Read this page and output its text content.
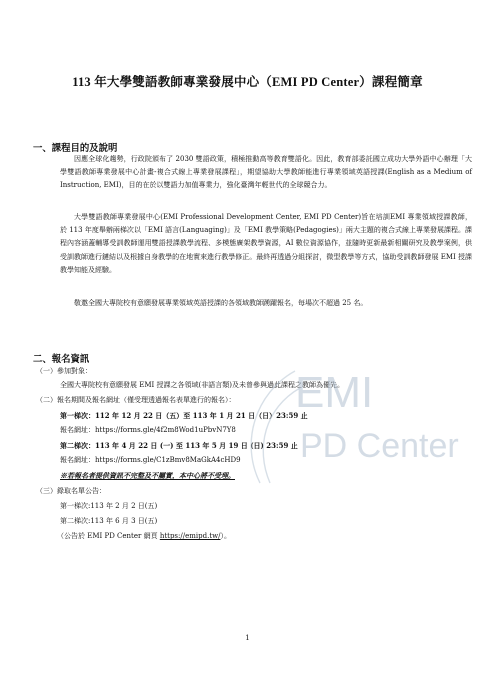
113 年大學雙語教師專業發展中心（EMI PD Center）課程簡章
一、課程目的及說明

因應全球化趨勢，行政院頒布了 2030 雙語政策，積極推動高等教育雙語化。因此，教育部委託國立成功大學外語中心辦理「大學雙語教師專業發展中心計畫-複合式線上專業發展課程」，期望協助大學教師能進行專業領域英語授課(English as a Medium of Instruction, EMI)，目的在於以雙語力加值專業力，強化臺灣年輕世代的全球競合力。

大學雙語教師專業發展中心(EMI Professional Development Center, EMI PD Center)旨在培訓EMI 專業領域授課教師，於 113 年度舉辦兩梯次以「EMI 語言(Languaging)」及「EMI 教學策略(Pedagogies)」兩大主題的複合式線上專業發展課程。課程內容涵蓋輔導受訓教師運用雙語授課教學流程、多模態廣架教學資源，AI 數位資源協作，並隨時更新最新相關研究及教學案例，供受訓教師進行鏈結以及根據自身教學的在地實來進行教學修正。最終再透過分組探討，微型教學等方式，協助受訓教師發展 EMI 授課教學知能及經驗。

敬邀全國大專院校有意願發展專業領域英語授課的各領域教師踴躍報名，每場次不超過 25 名。

二、報名資訊
（一）參加對象：
全國大專院校有意願發展 EMI 授課之各領域(非語言類)及未曾參與過此課程之教師為優先。
（二）報名期間及報名網址（僅受理透過報名表單進行的報名）：
第一梯次：112 年 12 月 22 日（五）至 113 年 1 月 21 日（日）23:59 止
報名網址：https://forms.gle/4f2m8Wod1uPbvN7Y8
第二梯次：113 年 4 月 22 日 (一) 至 113 年 5 月 19 日 (日) 23:59 止
報名網址：https://forms.gle/C1zBmv8MaGkA4cHD9
※若報名者提供資訊不完整及不屬實，本中心將不受理。
（三）錄取名單公告：
第一梯次:113 年 2 月 2 日(五)
第二梯次:113 年 6 月 3 日(五)
（公告於 EMI PD Center 網頁 https://emipd.tw/）。
EMI
PD Center
1
